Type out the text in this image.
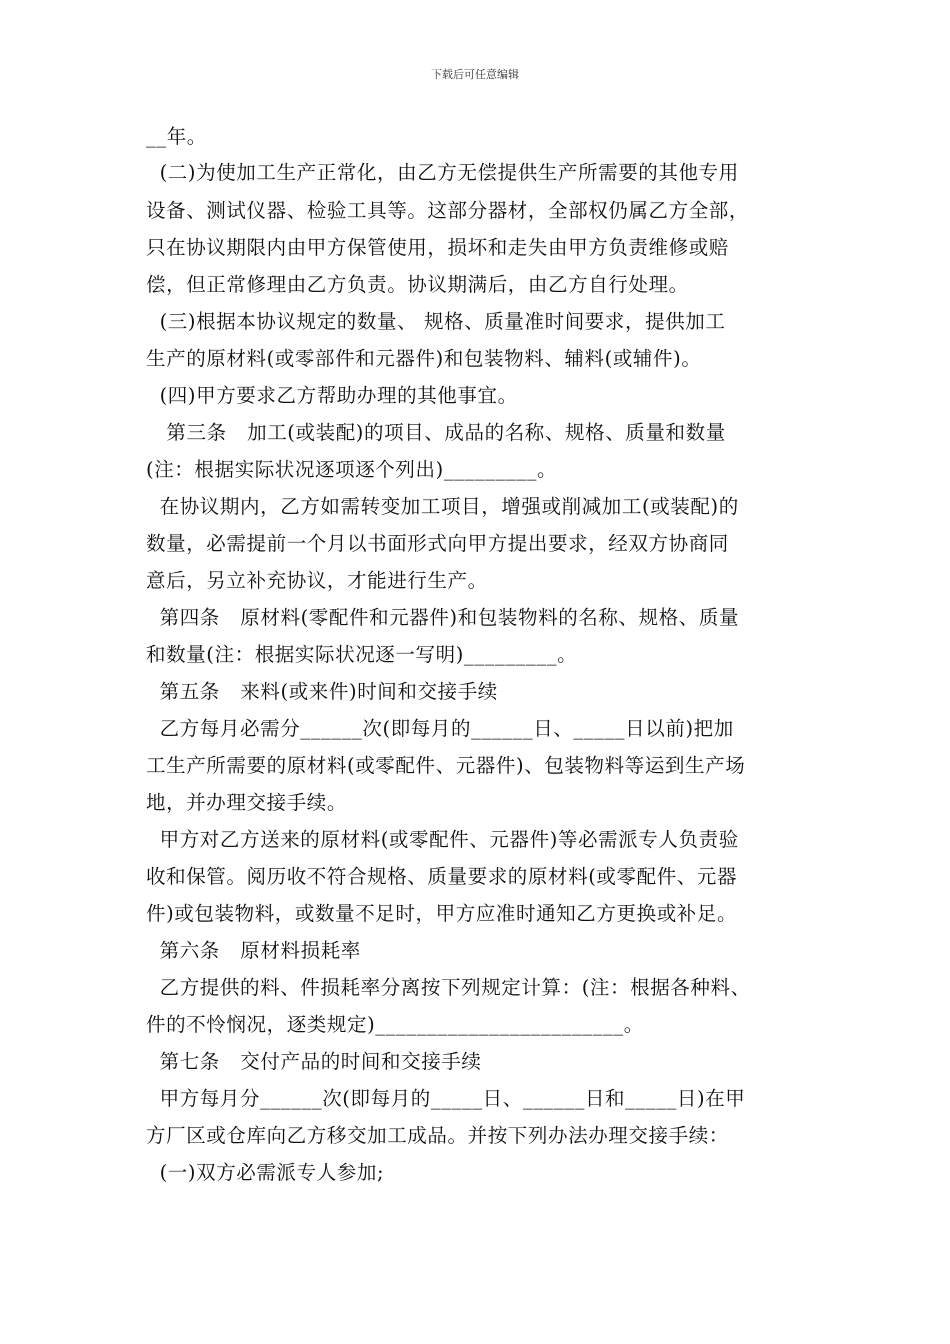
下载后可任意编辑
__年。
(二)为使加工生产正常化，由乙方无偿提供生产所需要的其他专用
设备、测试仪器、检验工具等。这部分器材，全部权仍属乙方全部，
只在协议期限内由甲方保管使用，损坏和走失由甲方负责维修或赔
偿，但正常修理由乙方负责。协议期满后，由乙方自行处理。
(三)根据本协议规定的数量、 规格、质量准时间要求，提供加工
生产的原材料(或零部件和元器件)和包装物料、辅料(或辅件)。
(四)甲方要求乙方帮助办理的其他事宜。
第三条   加工(或装配)的项目、成品的名称、规格、质量和数量
(注：根据实际状况逐项逐个列出)_________。
在协议期内，乙方如需转变加工项目，增强或削减加工(或装配)的
数量，必需提前一个月以书面形式向甲方提出要求，经双方协商同
意后，另立补充协议，才能进行生产。
第四条   原材料(零配件和元器件)和包装物料的名称、规格、质量
和数量(注：根据实际状况逐一写明)_________。
第五条   来料(或来件)时间和交接手续
乙方每月必需分______次(即每月的______日、_____日以前)把加
工生产所需要的原材料(或零配件、元器件)、包装物料等运到生产场
地，并办理交接手续。
甲方对乙方送来的原材料(或零配件、元器件)等必需派专人负责验
收和保管。阅历收不符合规格、质量要求的原材料(或零配件、元器
件)或包装物料，或数量不足时，甲方应准时通知乙方更换或补足。
第六条   原材料损耗率
乙方提供的料、件损耗率分离按下列规定计算：(注：根据各种料、
件的不怜悯况，逐类规定)________________________。
第七条   交付产品的时间和交接手续
甲方每月分______次(即每月的_____日、______日和_____日)在甲
方厂区或仓库向乙方移交加工成品。并按下列办法办理交接手续：
(一)双方必需派专人参加;
